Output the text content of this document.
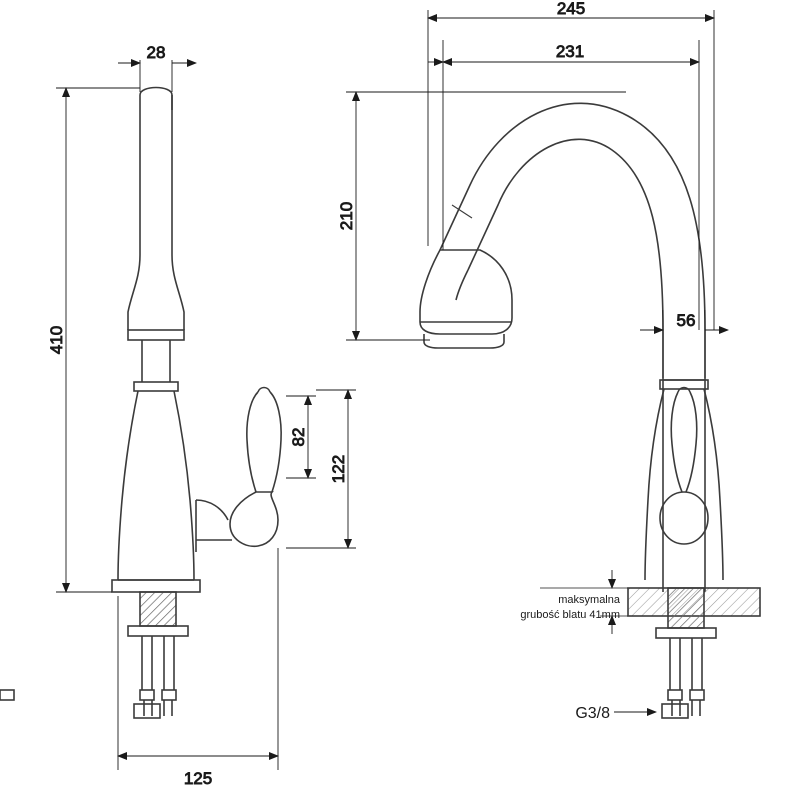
28
410
125
82
122
245
231
210
56
maksymalna
grubość blatu 41mm
G3/8
